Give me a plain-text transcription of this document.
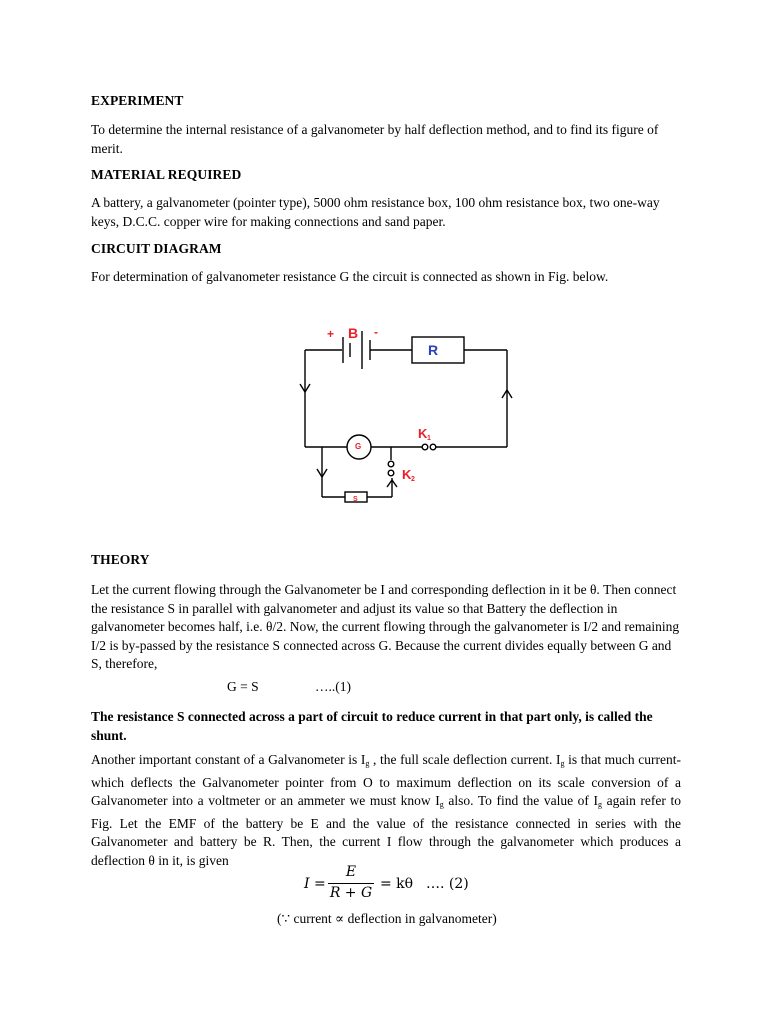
EXPERIMENT

To determine the internal resistance of a galvanometer by half deflection method, and to find its figure of merit.

MATERIAL REQUIRED

A battery, a galvanometer (pointer type), 5000 ohm resistance box, 100 ohm resistance box, two one-way keys, D.C.C. copper wire for making connections and sand paper.

CIRCUIT DIAGRAM
For determination of galvanometer resistance G the circuit is connected as shown in Fig. below.
+ B -
R
G
K 1
K 2
S
THEORY

Let the current flowing through the Galvanometer be I and corresponding deflection in it be θ. Then connect the resistance S in parallel with galvanometer and adjust its value so that Battery the deflection in galvanometer becomes half, i.e. θ/2. Now, the current flowing through the galvanometer is I/2 and remaining I/2 is by-passed by the resistance S connected across G. Because the current divides equally between G and S, therefore,

G = S	…..(1)

The resistance S connected across a part of circuit to reduce current in that part only, is called the shunt.

Another important constant of a Galvanometer is $I_g$ , the full scale deflection current. $I_g$ is that much current- which deflects the Galvanometer pointer from O to maximum deflection on its scale conversion of a Galvanometer into a voltmeter or an ammeter we must know $I_g$ also. To find the value of $I_g$ again refer to Fig. Let the EMF of the battery be E and the value of the resistance connected in series with the Galvanometer and battery be R. Then, the current I flow through the galvanometer which produces a deflection θ in it, is given

I =
E
R + G
= kθ …. (2)
(∵ current ∝ deflection in galvanometer)
